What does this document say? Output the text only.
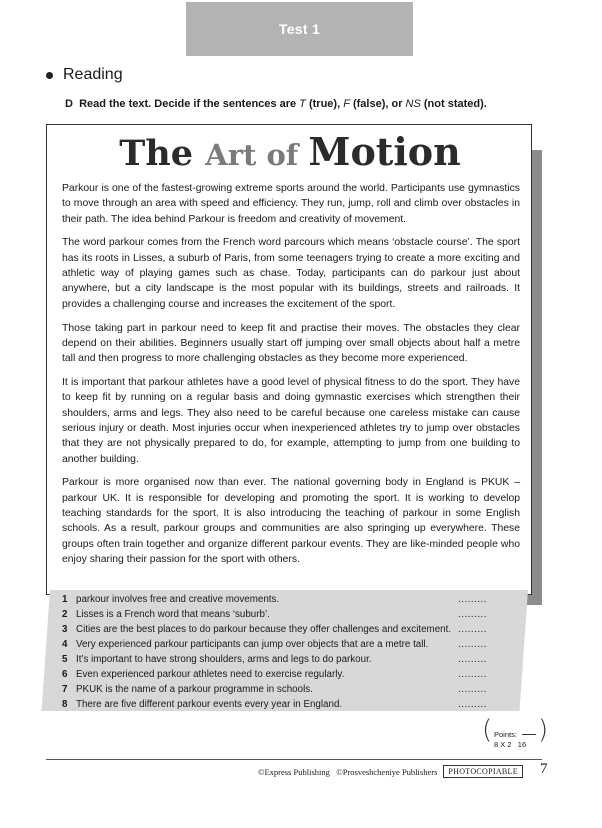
Test 1
Reading
D Read the text. Decide if the sentences are T (true), F (false), or NS (not stated).
The Art of Motion

Parkour is one of the fastest-growing extreme sports around the world. Participants use gymnastics to move through an area with speed and efficiency. They run, jump, roll and climb over obstacles in their path. The idea behind Parkour is freedom and creativity of movement.

The word parkour comes from the French word parcours which means ‘obstacle course’. The sport has its roots in Lisses, a suburb of Paris, from some teenagers trying to create a more exciting and athletic way of playing games such as chase. Today, participants can do parkour just about anywhere, but a city landscape is the most popular with its buildings, streets and railroads. It provides a challenging course and increases the excitement of the sport.

Those taking part in parkour need to keep fit and practise their moves. The obstacles they clear depend on their abilities. Beginners usually start off jumping over small objects about half a metre tall and then progress to more challenging obstacles as they become more experienced.

It is important that parkour athletes have a good level of physical fitness to do the sport. They have to keep fit by running on a regular basis and doing gymnastic exercises which strengthen their shoulders, arms and legs. They also need to be careful because one careless mistake can cause serious injury or death. Most injuries occur when inexperienced athletes try to jump over obstacles that they are not physically prepared to do, for example, attempting to jump from one building to another building.

Parkour is more organised now than ever. The national governing body in England is PKUK – parkour UK. It is responsible for developing and promoting the sport. It is working to develop teaching standards for the sport. It is also introducing the teaching of parkour in some English schools. As a result, parkour groups and communities are also springing up everywhere. These groups often train together and organize different parkour events. They are like-minded people who enjoy sharing their passion for the sport with others.

1 parkour involves free and creative movements.	.........
2 Lisses is a French word that means ‘suburb’.	.........
3 Cities are the best places to do parkour because they offer challenges and excitement. .........
4 Very experienced parkour participants can jump over objects that are a metre tall.	.........
5 It’s important to have strong shoulders, arms and legs to do parkour.	.........
6 Even experienced parkour athletes need to exercise regularly.	.........
7 PKUK is the name of a parkour programme in schools.	.........
8 There are five different parkour events every year in England.	.........
( Points:
8 X 2 16 )
©Express Publishing
©Prosveshcheniye Publishers	PHOTOCOPIABLE	7
